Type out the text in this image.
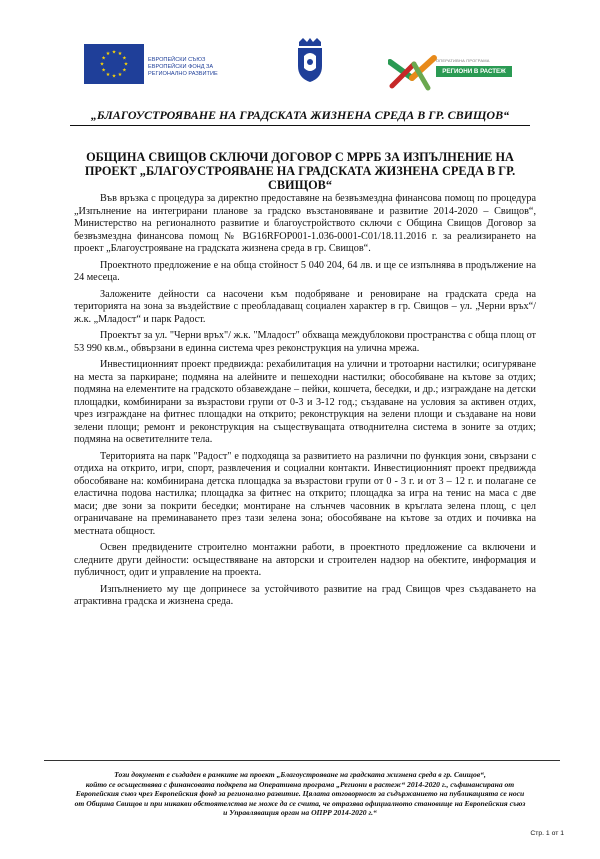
★ ★
★
★
★
★
★
★
★
★
★
★
ЕВРОПЕЙСКИ СЪЮЗ
ЕВРОПЕЙСКИ ФОНД ЗА
РЕГИОНАЛНО РАЗВИТИЕ
ОПЕРАТИВНА ПРОГРАМА
РЕГИОНИ В РАСТЕЖ
„БЛАГОУСТРОЯВАНЕ НА ГРАДСКАТА ЖИЗНЕНА СРЕДА В ГР. СВИЩОВ“
ОБЩИНА СВИЩОВ СКЛЮЧИ ДОГОВОР С МРРБ ЗА ИЗПЪЛНЕНИЕ НА
ПРОЕКТ „БЛАГОУСТРОЯВАНЕ НА ГРАДСКАТА ЖИЗНЕНА СРЕДА В ГР.
СВИЩОВ“

Във връзка с процедура за директно предоставяне на безвъзмездна финансова помощ по процедура „Изпълнение на интегрирани планове за градско възстановяване и развитие 2014-2020 – Свищов“, Министерство на регионалното развитие и благоустройството сключи с Община Свищов Договор за безвъзмездна финансова помощ № BG16RFOP001-1.036-0001-C01/18.11.2016 г. за реализирането на проект „Благоустрояване на градската жизнена среда в гр. Свищов“.

Проектното предложение е на обща стойност 5 040 204, 64 лв. и ще се изпълнява в продължение на 24 месеца.

Заложените дейности са насочени към подобряване и реновиране на градската среда на територията на зона за въздействие с преобладаващ социален характер в гр. Свищов – ул. „Черни връх“/ж.к. „Младост“ и парк Радост.

Проектът за ул. "Черни връх"/ ж.к. "Младост" обхваща междублокови пространства с обща площ от 53 990 кв.м., обвързани в единна система чрез реконструкция на улична мрежа.

Инвестиционният проект предвижда: рехабилитация на улични и тротоарни настилки; осигуряване на места за паркиране; подмяна на алейните и пешеходни настилки; обособяване на кътове за отдих; подмяна на елементите на градското обзавеждане – пейки, кошчета, беседки, и др.; изграждане на детски площадки, комбинирани за възрастови групи от 0-3 и 3-12 год.; създаване на условия за активен отдих, чрез изграждане на фитнес площадки на открито; реконструкция на зелени площи и създаване на нови зелени площи; ремонт и реконструкция на съществуващата отводнителна система в зоните за отдих; подмяна на осветителните тела.

Територията на парк "Радост" е подходяща за развитието на различни по функция зони, свързани с отдиха на открито, игри, спорт, развлечения и социални контакти. Инвестиционният проект предвижда обособяване на: комбинирана детска площадка за възрастови групи от 0 - 3 г. и от 3 – 12 г. и полагане се еластична подова настилка; площадка за фитнес на открито; площадка за игра на тенис на маса с две маси; две зони за покрити беседки; монтиране на слънчев часовник в кръглата зелена площ, с цел ограничаване на преминаването през тази зелена зона; обособяване на кътове за отдих и почивка на местната общност.

Освен предвидените строително монтажни работи, в проектното предложение са включени и следните други дейности: осъществяване на авторски и строителен надзор на обектите, информация и публичност, одит и управление на проекта.

Изпълнението му ще допринесе за устойчивото развитие на град Свищов чрез създаването на атрактивна градска и жизнена среда.

Този документ е създаден в рамките на проект „Благоустрояване на градската жизнена среда в гр. Свищов“,
който се осъществява с финансовата подкрепа на Оперативна програма „Региони в растеж“ 2014-2020 г., съфинансирана от
Европейския съюз чрез Европейския фонд за регионално развитие. Цялата отговорност за съдържанието на публикацията се носи
от Община Свищов и при никакви обстоятелства не може да се счита, че отразява официалното становище на Европейския съюз
и Управляващия орган на ОПРР 2014-2020 г.“
Стр. 1 от 1
